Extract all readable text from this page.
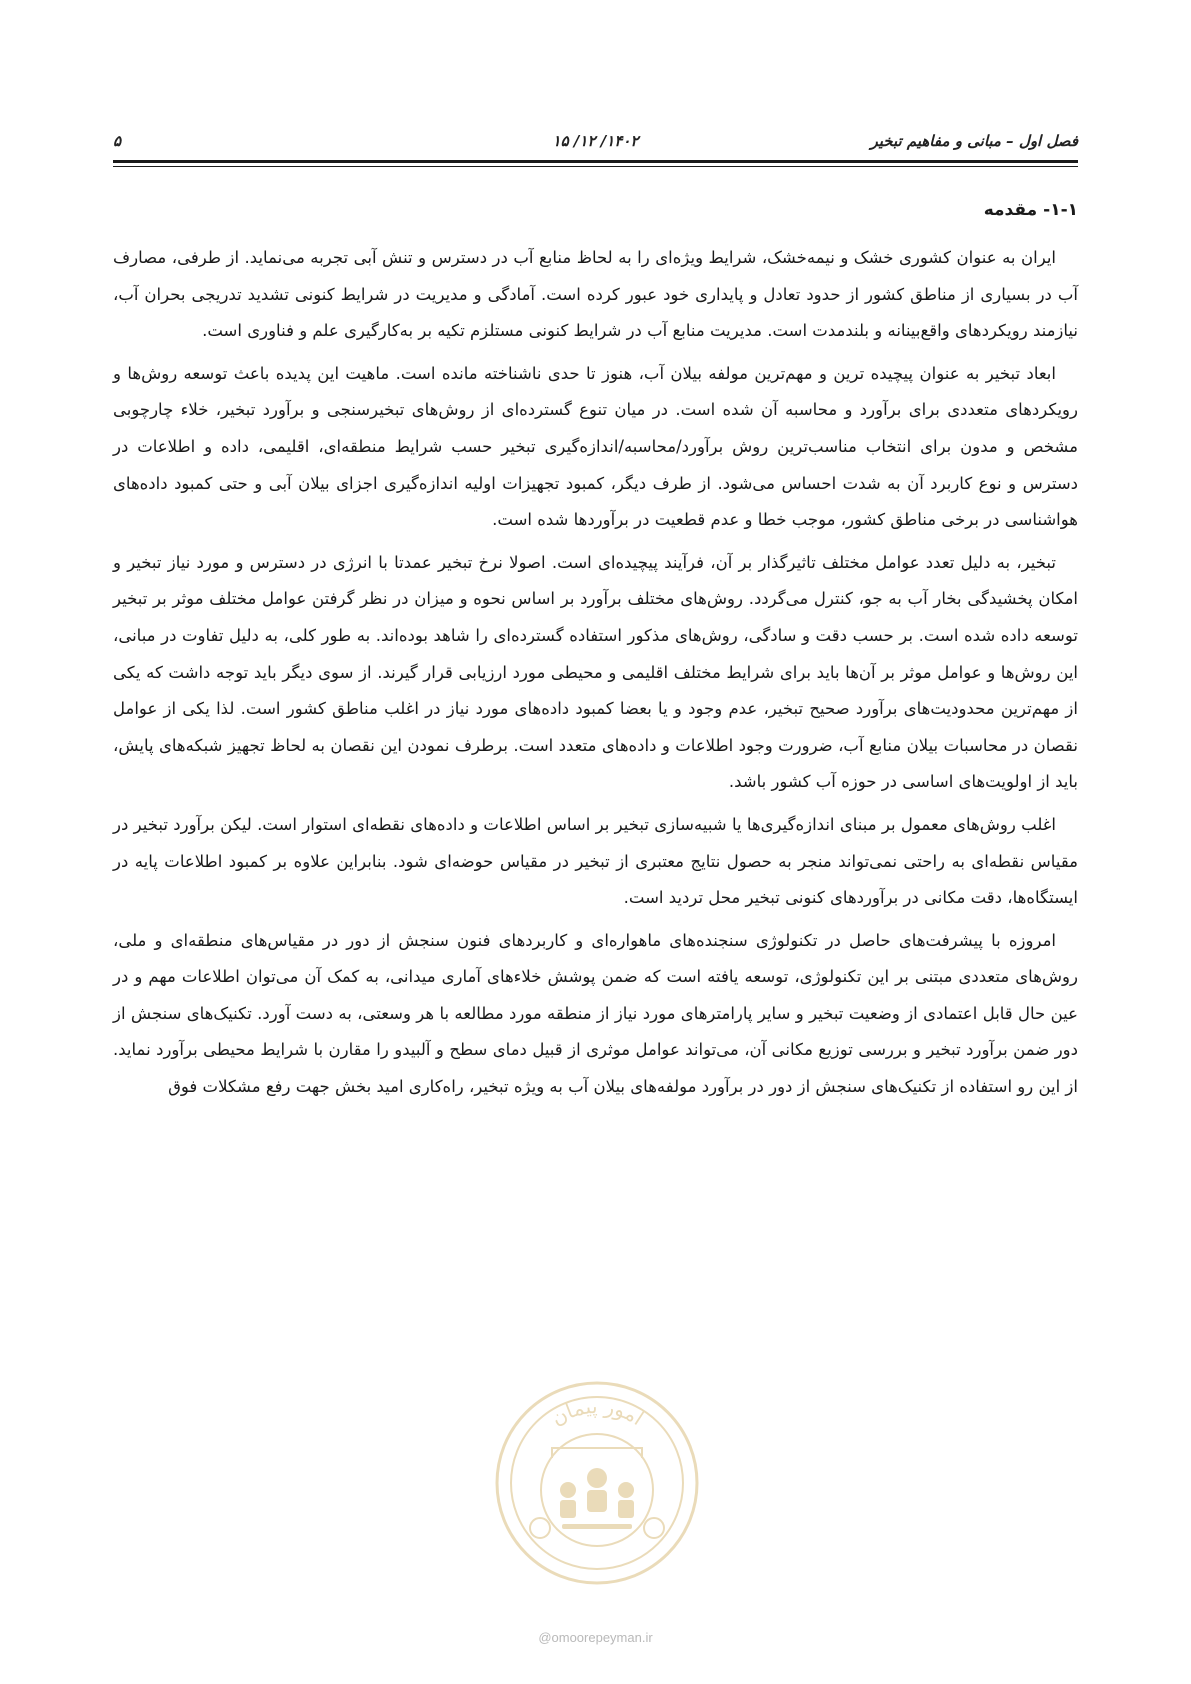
فصل اول – مبانی و مفاهیم تبخیر
۱۴۰۲/ ۱۲/ ۱۵
۵
۱-۱-مقدمه

ایران به عنوان کشوری خشک و نیمه‌خشک، شرایط ویژه‌ای را به لحاظ منابع آب در دسترس و تنش آبی تجربه می‌نماید. از طرفی، مصارف آب در بسیاری از مناطق کشور از حدود تعادل و پایداری خود عبور کرده است. آمادگی و مدیریت در شرایط کنونی تشدید تدریجی بحران آب، نیازمند رویکردهای واقع‌بینانه و بلندمدت است. مدیریت منابع آب در شرایط کنونی مستلزم تکیه بر به‌کارگیری علم و فناوری است.

ابعاد تبخیر به عنوان پیچیده ترین و مهم‌ترین مولفه بیلان آب، هنوز تا حدی ناشناخته مانده است. ماهیت این پدیده باعث توسعه روش‌ها و رویکردهای متعددی برای برآورد و محاسبه آن شده است. در میان تنوع گسترده‌ای از روش‌های تبخیرسنجی و برآورد تبخیر، خلاء چارچوبی مشخص و مدون برای انتخاب مناسب‌ترین روش برآورد/محاسبه/اندازه‌گیری تبخیر حسب شرایط منطقه‌ای، اقلیمی، داده و اطلاعات در دسترس و نوع کاربرد آن به شدت احساس می‌شود. از طرف دیگر، کمبود تجهیزات اولیه اندازه‌گیری اجزای بیلان آبی و حتی کمبود داده‌های هواشناسی در برخی مناطق کشور، موجب خطا و عدم قطعیت در برآوردها شده است.

تبخیر، به دلیل تعدد عوامل مختلف تاثیرگذار بر آن، فرآیند پیچیده‌ای است. اصولا نرخ تبخیر عمدتا با انرژی در دسترس و مورد نیاز تبخیر و امکان پخشیدگی بخار آب به جو، کنترل می‌گردد. روش‌های مختلف برآورد بر اساس نحوه و میزان در نظر گرفتن عوامل مختلف موثر بر تبخیر توسعه داده شده است. بر حسب دقت و سادگی، روش‌های مذکور استفاده گسترده‌ای را شاهد بوده‌اند. به طور کلی، به دلیل تفاوت در مبانی، این روش‌ها و عوامل موثر بر آن‌ها باید برای شرایط مختلف اقلیمی و محیطی مورد ارزیابی قرار گیرند. از سوی دیگر باید توجه داشت که یکی از مهم‌ترین محدودیت‌های برآورد صحیح تبخیر، عدم وجود و یا بعضا کمبود داده‌های مورد نیاز در اغلب مناطق کشور است. لذا یکی از عوامل نقصان در محاسبات بیلان منابع آب، ضرورت وجود اطلاعات و داده‌های متعدد است. برطرف نمودن این نقصان به لحاظ تجهیز شبکه‌های پایش، باید از اولویت‌های اساسی در حوزه آب کشور باشد.

اغلب روش‌های معمول بر مبنای اندازه‌گیری‌ها یا شبیه‌سازی تبخیر بر اساس اطلاعات و داده‌های نقطه‌ای استوار است. لیکن برآورد تبخیر در مقیاس نقطه‌ای به راحتی نمی‌تواند منجر به حصول نتایج معتبری از تبخیر در مقیاس حوضه‌ای شود. بنابراین علاوه بر کمبود اطلاعات پایه در ایستگاه‌ها، دقت مکانی در برآوردهای کنونی تبخیر محل تردید است.

امروزه با پیشرفت‌های حاصل در تکنولوژی سنجنده‌های ماهواره‌ای و کاربردهای فنون سنجش از دور در مقیاس‌های منطقه‌ای و ملی، روش‌های متعددی مبتنی بر این تکنولوژی، توسعه یافته است که ضمن پوشش خلاءهای آماری میدانی، به کمک آن می‌توان اطلاعات مهم و در عین حال قابل اعتمادی از وضعیت تبخیر و سایر پارامترهای مورد نیاز از منطقه مورد مطالعه با هر وسعتی، به دست آورد. تکنیک‌های سنجش از دور ضمن برآورد تبخیر و بررسی توزیع مکانی آن، می‌تواند عوامل موثری از قبیل دمای سطح و آلبیدو را مقارن با شرایط محیطی برآورد نماید. از این رو استفاده از تکنیک‌های سنجش از دور در برآورد مولفه‌های بیلان آب به ویژه تبخیر، راه‌کاری امید بخش جهت رفع مشکلات فوق

امور پیمان
@omoorepeyman.ir
